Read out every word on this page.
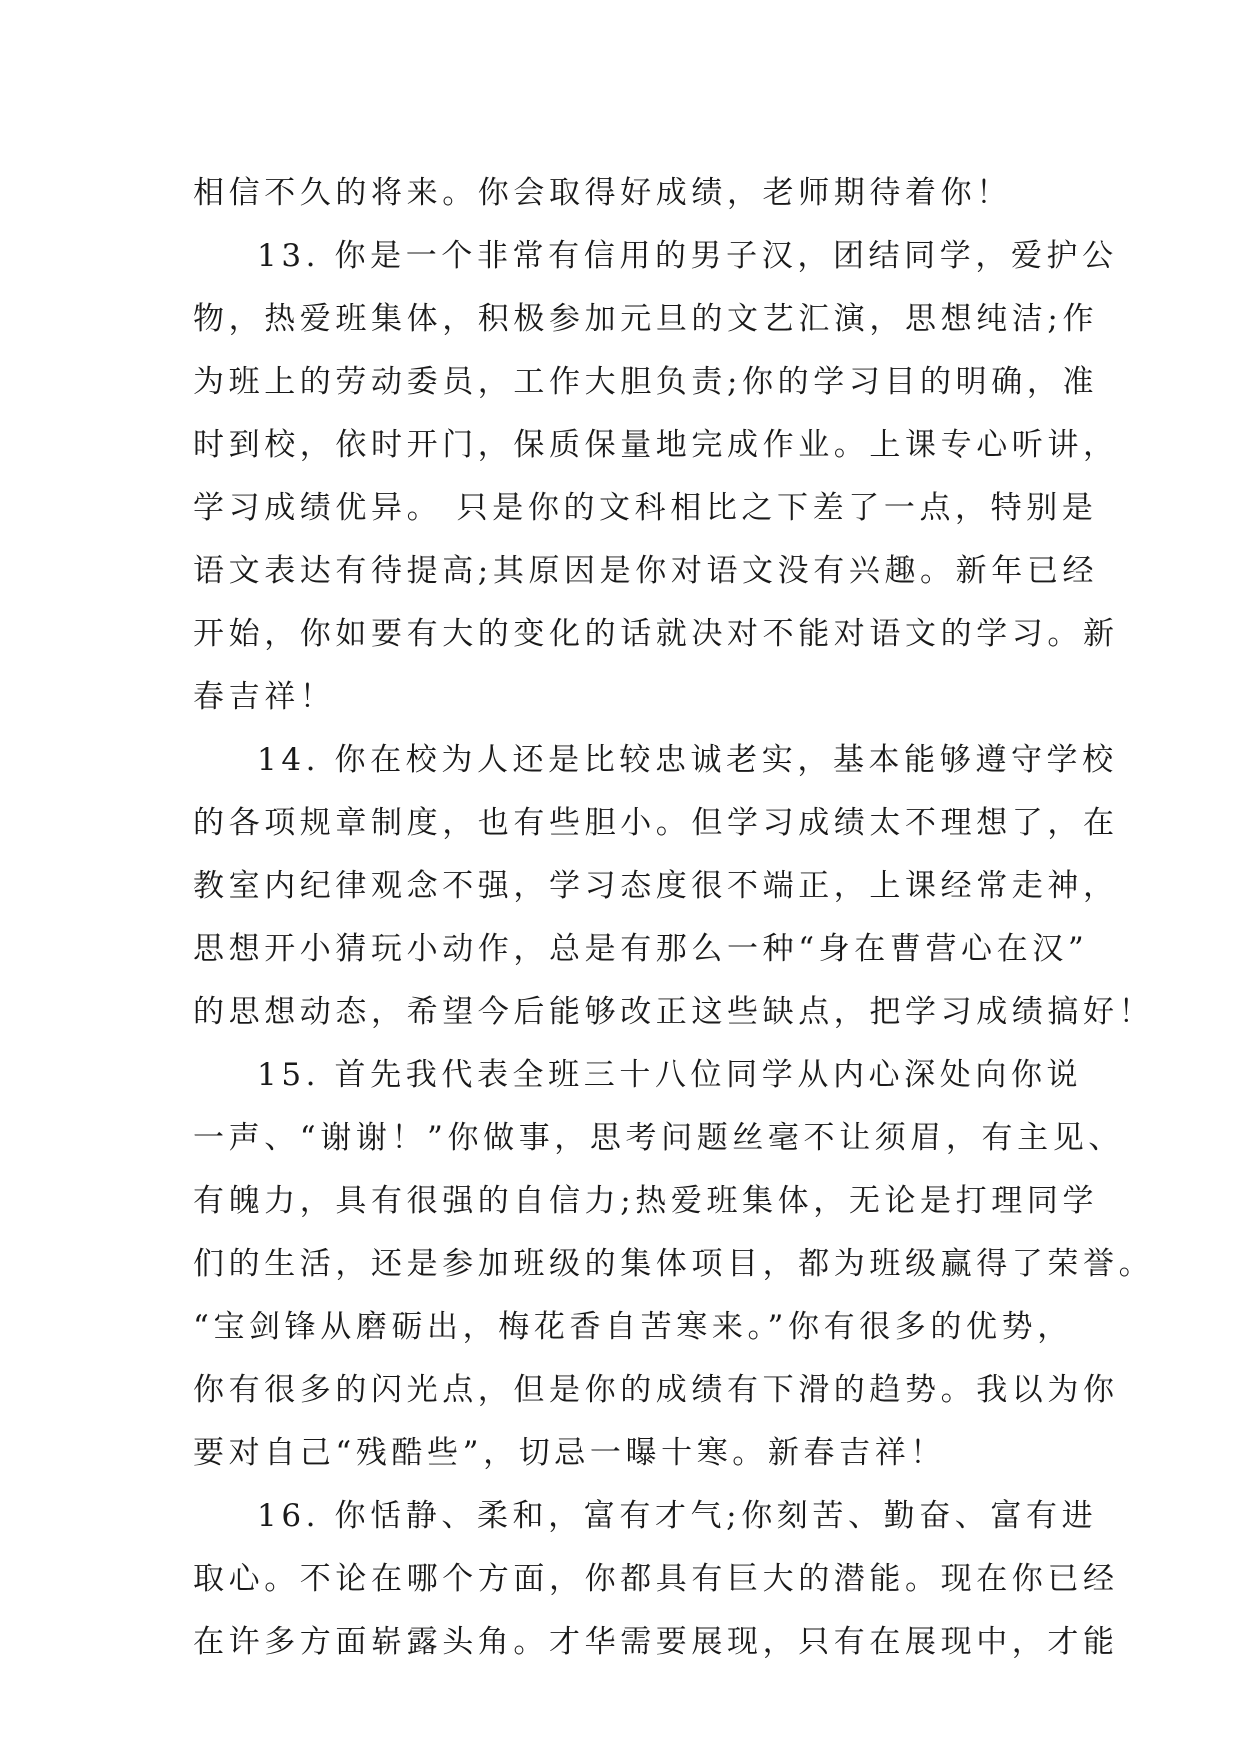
相信不久的将来。你会取得好成绩，老师期待着你！
13. 你是一个非常有信用的男子汉，团结同学，爱护公
物，热爱班集体，积极参加元旦的文艺汇演，思想纯洁;作
为班上的劳动委员，工作大胆负责;你的学习目的明确，准
时到校，依时开门，保质保量地完成作业。上课专心听讲，
学习成绩优异。 只是你的文科相比之下差了一点，特别是
语文表达有待提高;其原因是你对语文没有兴趣。新年已经
开始，你如要有大的变化的话就决对不能对语文的学习。新
春吉祥！
14. 你在校为人还是比较忠诚老实，基本能够遵守学校
的各项规章制度，也有些胆小。但学习成绩太不理想了，在
教室内纪律观念不强，学习态度很不端正，上课经常走神，
思想开小猜玩小动作，总是有那么一种“身在曹营心在汉”
的思想动态，希望今后能够改正这些缺点，把学习成绩搞好！
15. 首先我代表全班三十八位同学从内心深处向你说
一声、“谢谢！”你做事，思考问题丝毫不让须眉，有主见、
有魄力，具有很强的自信力;热爱班集体，无论是打理同学
们的生活，还是参加班级的集体项目，都为班级赢得了荣誉。
“宝剑锋从磨砺出，梅花香自苦寒来。”你有很多的优势，
你有很多的闪光点，但是你的成绩有下滑的趋势。我以为你
要对自己“残酷些”，切忌一曝十寒。新春吉祥！
16. 你恬静、柔和，富有才气;你刻苦、勤奋、富有进
取心。不论在哪个方面，你都具有巨大的潜能。现在你已经
在许多方面崭露头角。才华需要展现，只有在展现中，才能
